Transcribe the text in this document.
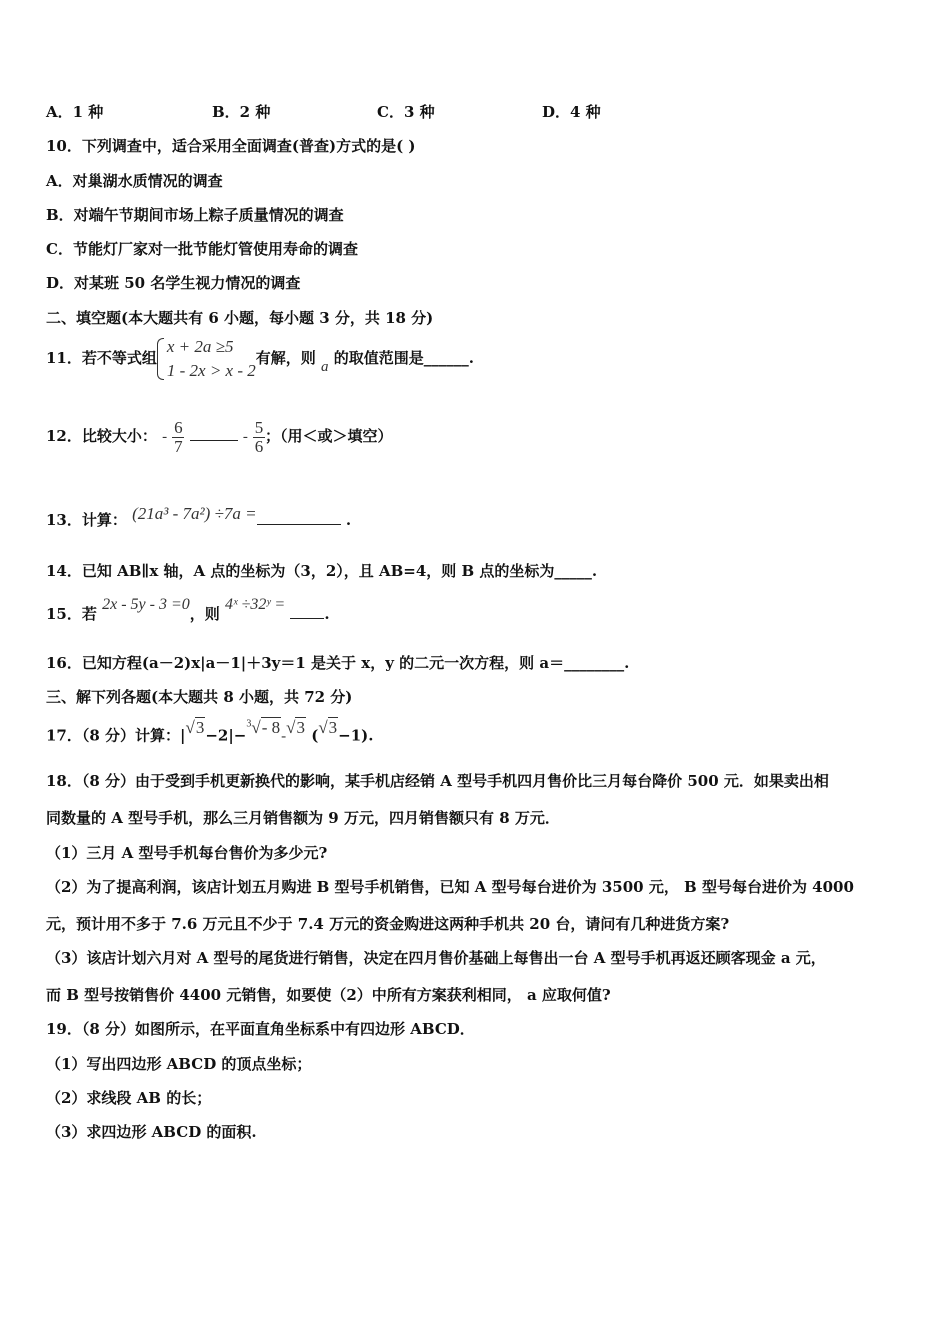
A．1 种	B．2 种	C．3 种	D．4 种
10．下列调查中，适合采用全面调查(普查)方式的是( )
A．对巢湖水质情况的调查
B．对端午节期间市场上粽子质量情况的调查
C．节能灯厂家对一批节能灯管使用寿命的调查
D．对某班 50 名学生视力情况的调查
二、填空题(本大题共有 6 小题，每小题 3 分，共 18 分)
11．若不等式组
x + 2a ≥5
1 - 2x > x - 2
有解，则 a 的取值范围是______.
12．比较大小： - $\frac{6}{7}$	- $\frac{5}{6}$ ；（用＜或＞填空）
13．计算： (21a³ - 7a²) ÷7a =	.
14．已知 AB∥x 轴，A 点的坐标为（3，2），且 AB=4，则 B 点的坐标为_____.
15．若 2x - 5y - 3 =0，则 4ˣ ÷32ʸ = .
16．已知方程(a－2)x|a－1|＋3y＝1 是关于 x，y 的二元一次方程，则 a＝________.
三、解下列各题(本大题共 8 小题，共 72 分)
17．（8 分）计算：|√3−2|−$^3$√- 8-√3 (√3−1).
18．（8 分）由于受到手机更新换代的影响，某手机店经销 A 型号手机四月售价比三月每台降价 500 元．如果卖出相
同数量的 A 型号手机，那么三月销售额为 9 万元，四月销售额只有 8 万元．
（1）三月 A 型号手机每台售价为多少元?
（2）为了提高利润，该店计划五月购进 B 型号手机销售，已知 A 型号每台进价为 3500 元， B 型号每台进价为 4000
元，预计用不多于 7.6 万元且不少于 7.4 万元的资金购进这两种手机共 20 台，请问有几种进货方案?
（3）该店计划六月对 A 型号的尾货进行销售，决定在四月售价基础上每售出一台 A 型号手机再返还顾客现金 a 元，
而 B 型号按销售价 4400 元销售，如要使（2）中所有方案获利相同， a 应取何值?
19．（8 分）如图所示，在平面直角坐标系中有四边形 ABCD．
（1）写出四边形 ABCD 的顶点坐标；
（2）求线段 AB 的长；
（3）求四边形 ABCD 的面积.
